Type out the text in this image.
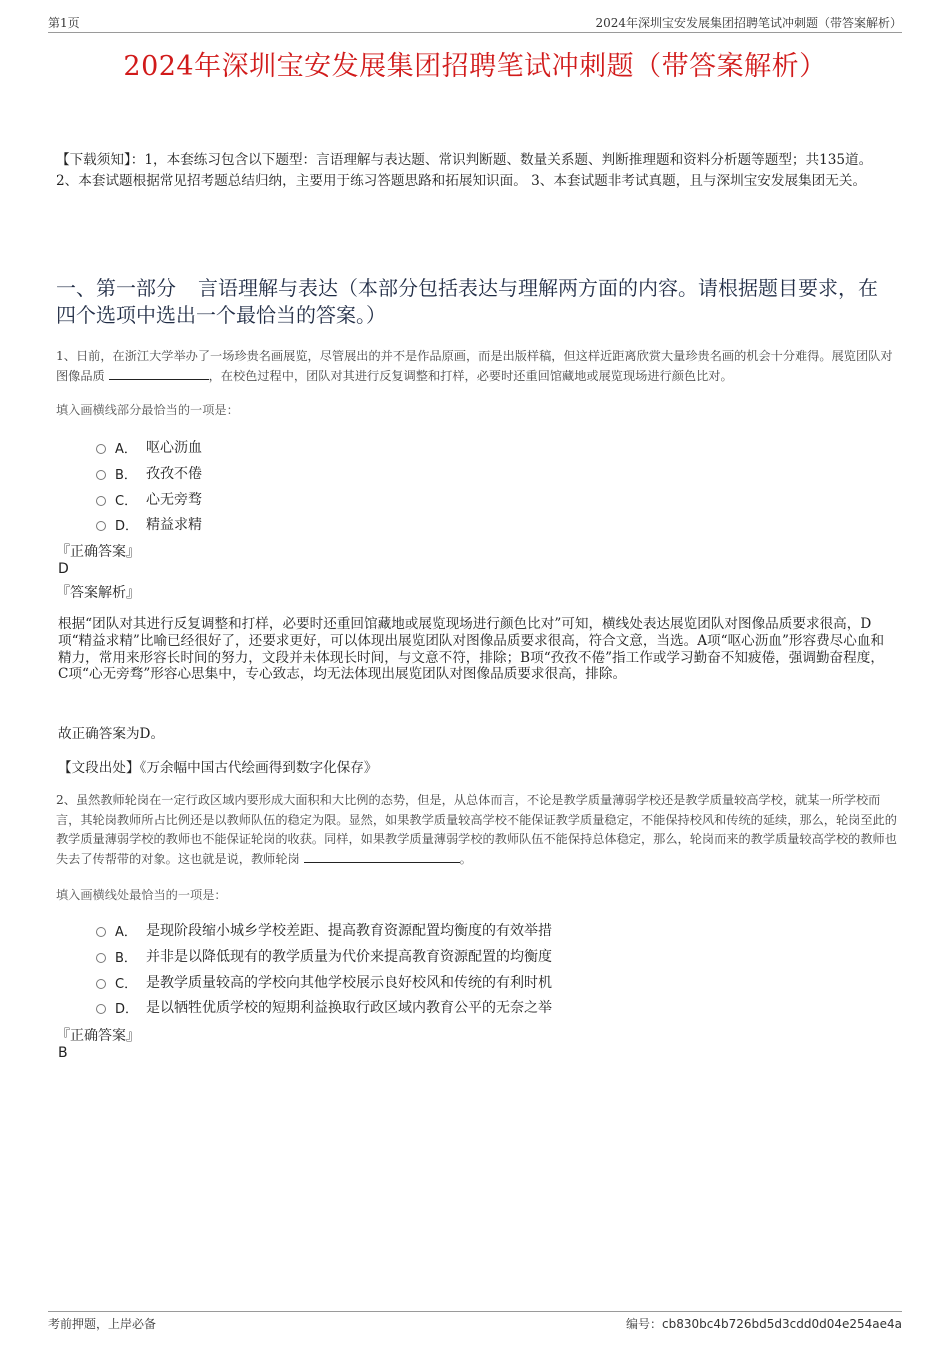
第1页	2024年深圳宝安发展集团招聘笔试冲刺题（带答案解析）
2024年深圳宝安发展集团招聘笔试冲刺题（带答案解析）
【下载须知】：1，本套练习包含以下题型：言语理解与表达题、常识判断题、数量关系题、判断推理题和资料分析题等题型；共135道。 2、本套试题根据常见招考题总结归纳，主要用于练习答题思路和拓展知识面。 3、本套试题非考试真题，且与深圳宝安发展集团无关。
一、第一部分 言语理解与表达（本部分包括表达与理解两方面的内容。请根据题目要求，在四个选项中选出一个最恰当的答案。）
1、日前，在浙江大学举办了一场珍贵名画展览，尽管展出的并不是作品原画，而是出版样稿，但这样近距离欣赏大量珍贵名画的机会十分难得。展览团队对图像品质	，在校色过程中，团队对其进行反复调整和打样，必要时还重回馆藏地或展览现场进行颜色比对。
填入画横线部分最恰当的一项是：
A． 呕心沥血
B． 孜孜不倦
C． 心无旁骛
D． 精益求精
『正确答案』
D
『答案解析』
根据“团队对其进行反复调整和打样，必要时还重回馆藏地或展览现场进行颜色比对”可知，横线处表达展览团队对图像品质要求很高，D项“精益求精”比喻已经很好了，还要求更好，可以体现出展览团队对图像品质要求很高，符合文意，当选。A项“呕心沥血”形容费尽心血和精力，常用来形容长时间的努力，文段并未体现长时间，与文意不符，排除；B项“孜孜不倦”指工作或学习勤奋不知疲倦，强调勤奋程度，C项“心无旁骛”形容心思集中，专心致志，均无法体现出展览团队对图像品质要求很高，排除。
故正确答案为D。
【文段出处】《万余幅中国古代绘画得到数字化保存》
2、虽然教师轮岗在一定行政区域内要形成大面积和大比例的态势，但是，从总体而言，不论是教学质量薄弱学校还是教学质量较高学校，就某一所学校而言，其轮岗教师所占比例还是以教师队伍的稳定为限。显然，如果教学质量较高学校不能保证教学质量稳定，不能保持校风和传统的延续，那么，轮岗至此的教学质量薄弱学校的教师也不能保证轮岗的收获。同样，如果教学质量薄弱学校的教师队伍不能保持总体稳定，那么，轮岗而来的教学质量较高学校的教师也失去了传帮带的对象。这也就是说，教师轮岗	。
填入画横线处最恰当的一项是：
A． 是现阶段缩小城乡学校差距、提高教育资源配置均衡度的有效举措
B． 并非是以降低现有的教学质量为代价来提高教育资源配置的均衡度
C． 是教学质量较高的学校向其他学校展示良好校风和传统的有利时机
D． 是以牺牲优质学校的短期利益换取行政区域内教育公平的无奈之举
『正确答案』
B
考前押题，上岸必备	编号：cb830bc4b726bd5d3cdd0d04e254ae4a
